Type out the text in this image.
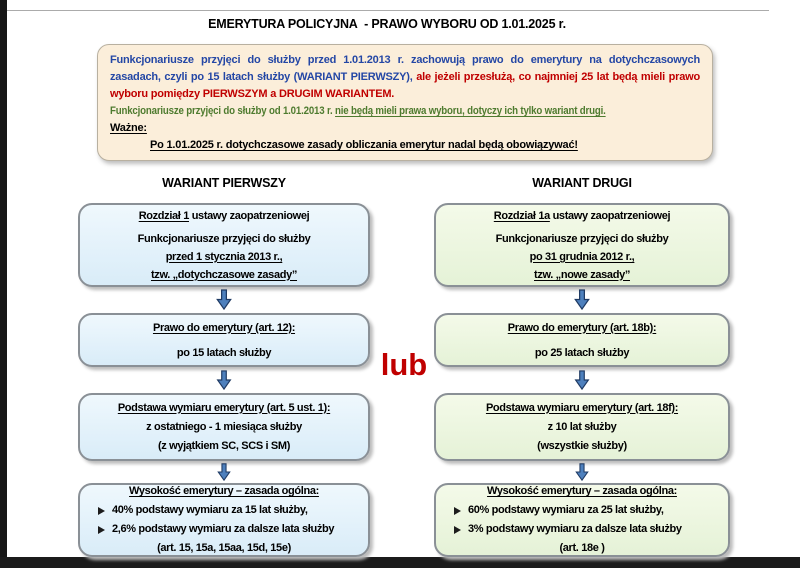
EMERYTURA POLICYJNA  - PRAWO WYBORU OD 1.01.2025 r.

Funkcjonariusze przyjęci do służby przed 1.01.2013 r. zachowują prawo do emerytury na dotychczasowych zasadach, czyli po 15 latach służby (WARIANT PIERWSZY), ale jeżeli przesłużą, co najmniej 25 lat będą mieli prawo wyboru pomiędzy PIERWSZYM a DRUGIM WARIANTEM.

Funkcjonariusze przyjęci do służby od 1.01.2013 r. nie będą mieli prawa wyboru, dotyczy ich tylko wariant drugi.

Ważne:

Po 1.01.2025 r. dotychczasowe zasady obliczania emerytur nadal będą obowiązywać!

WARIANT PIERWSZY	WARIANT DRUGI
Rozdział 1 ustawy zaopatrzeniowej
Funkcjonariusze przyjęci do służby
przed 1 stycznia 2013 r.,
tzw. „dotychczasowe zasady”
Prawo do emerytury (art. 12):
po 15 latach służby
Podstawa wymiaru emerytury (art. 5 ust. 1):
z ostatniego - 1 miesiąca służby
(z wyjątkiem SC, SCS i SM)
Wysokość emerytury – zasada ogólna:
40% podstawy wymiaru za 15 lat służby,
2,6% podstawy wymiaru za dalsze lata służby
(art. 15, 15a, 15aa, 15d, 15e)
Rozdział 1a ustawy zaopatrzeniowej
Funkcjonariusze przyjęci do służby
po 31 grudnia 2012 r.,
tzw. „nowe zasady”
Prawo do emerytury (art. 18b):
po 25 latach służby
Podstawa wymiaru emerytury (art. 18f):
z 10 lat służby
(wszystkie służby)
Wysokość emerytury – zasada ogólna:
60% podstawy wymiaru za 25 lat służby,
3% podstawy wymiaru za dalsze lata służby
(art. 18e )
lub
